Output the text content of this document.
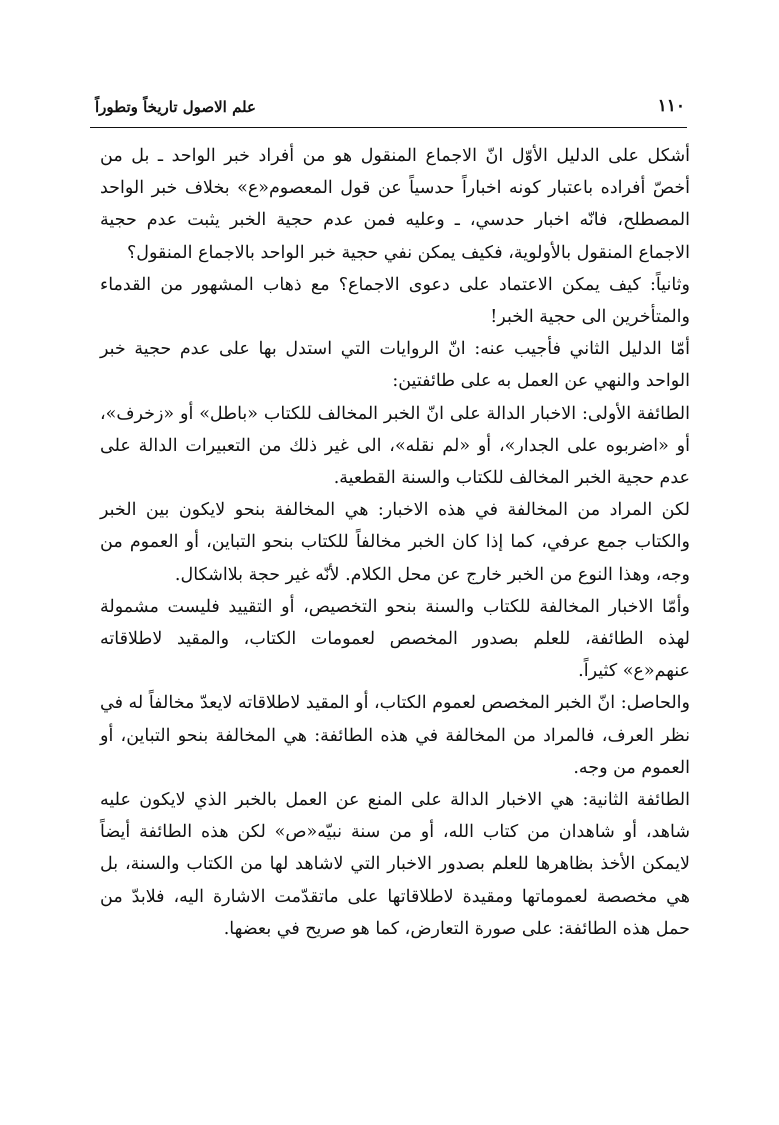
علم الاصول تاريخاً وتطوراً	١١٠

أشكل على الدليل الأوّل انّ الاجماع المنقول هو من أفراد خبر الواحد ـ بل من أخصّ أفراده باعتبار كونه اخباراً حدسياً عن قول المعصوم«ع» بخلاف خبر الواحد المصطلح، فانّه اخبار حدسي، ـ وعليه فمن عدم حجية الخبر يثبت عدم حجية الاجماع المنقول بالأولوية، فكيف يمكن نفي حجية خبر الواحد بالاجماع المنقول؟

وثانياً: كيف يمكن الاعتماد على دعوى الاجماع؟ مع ذهاب المشهور من القدماء والمتأخرين الى حجية الخبر!

أمّا الدليل الثاني فأجيب عنه: انّ الروايات التي استدل بها على عدم حجية خبر الواحد والنهي عن العمل به على طائفتين:

الطائفة الأولى: الاخبار الدالة على انّ الخبر المخالف للكتاب «باطل» أو «زخرف»، أو «اضربوه على الجدار»، أو «لم نقله»، الى غير ذلك من التعبيرات الدالة على عدم حجية الخبر المخالف للكتاب والسنة القطعية.

لكن المراد من المخالفة في هذه الاخبار: هي المخالفة بنحو لايكون بين الخبر والكتاب جمع عرفي، كما إذا كان الخبر مخالفاً للكتاب بنحو التباين، أو العموم من وجه، وهذا النوع من الخبر خارج عن محل الكلام. لأنّه غير حجة بلااشكال.

وأمّا الاخبار المخالفة للكتاب والسنة بنحو التخصيص، أو التقييد فليست مشمولة لهذه الطائفة، للعلم بصدور المخصص لعمومات الكتاب، والمقيد لاطلاقاته عنهم«ع» كثيراً.

والحاصل: انّ الخبر المخصص لعموم الكتاب، أو المقيد لاطلاقاته لايعدّ مخالفاً له في نظر العرف، فالمراد من المخالفة في هذه الطائفة: هي المخالفة بنحو التباين، أو العموم من وجه.

الطائفة الثانية: هي الاخبار الدالة على المنع عن العمل بالخبر الذي لايكون عليه شاهد، أو شاهدان من كتاب الله، أو من سنة نبيّه«ص» لكن هذه الطائفة أيضاً لايمكن الأخذ بظاهرها للعلم بصدور الاخبار التي لاشاهد لها من الكتاب والسنة، بل هي مخصصة لعموماتها ومقيدة لاطلاقاتها على ماتقدّمت الاشارة اليه، فلابدّ من حمل هذه الطائفة: على صورة التعارض، كما هو صريح في بعضها.
